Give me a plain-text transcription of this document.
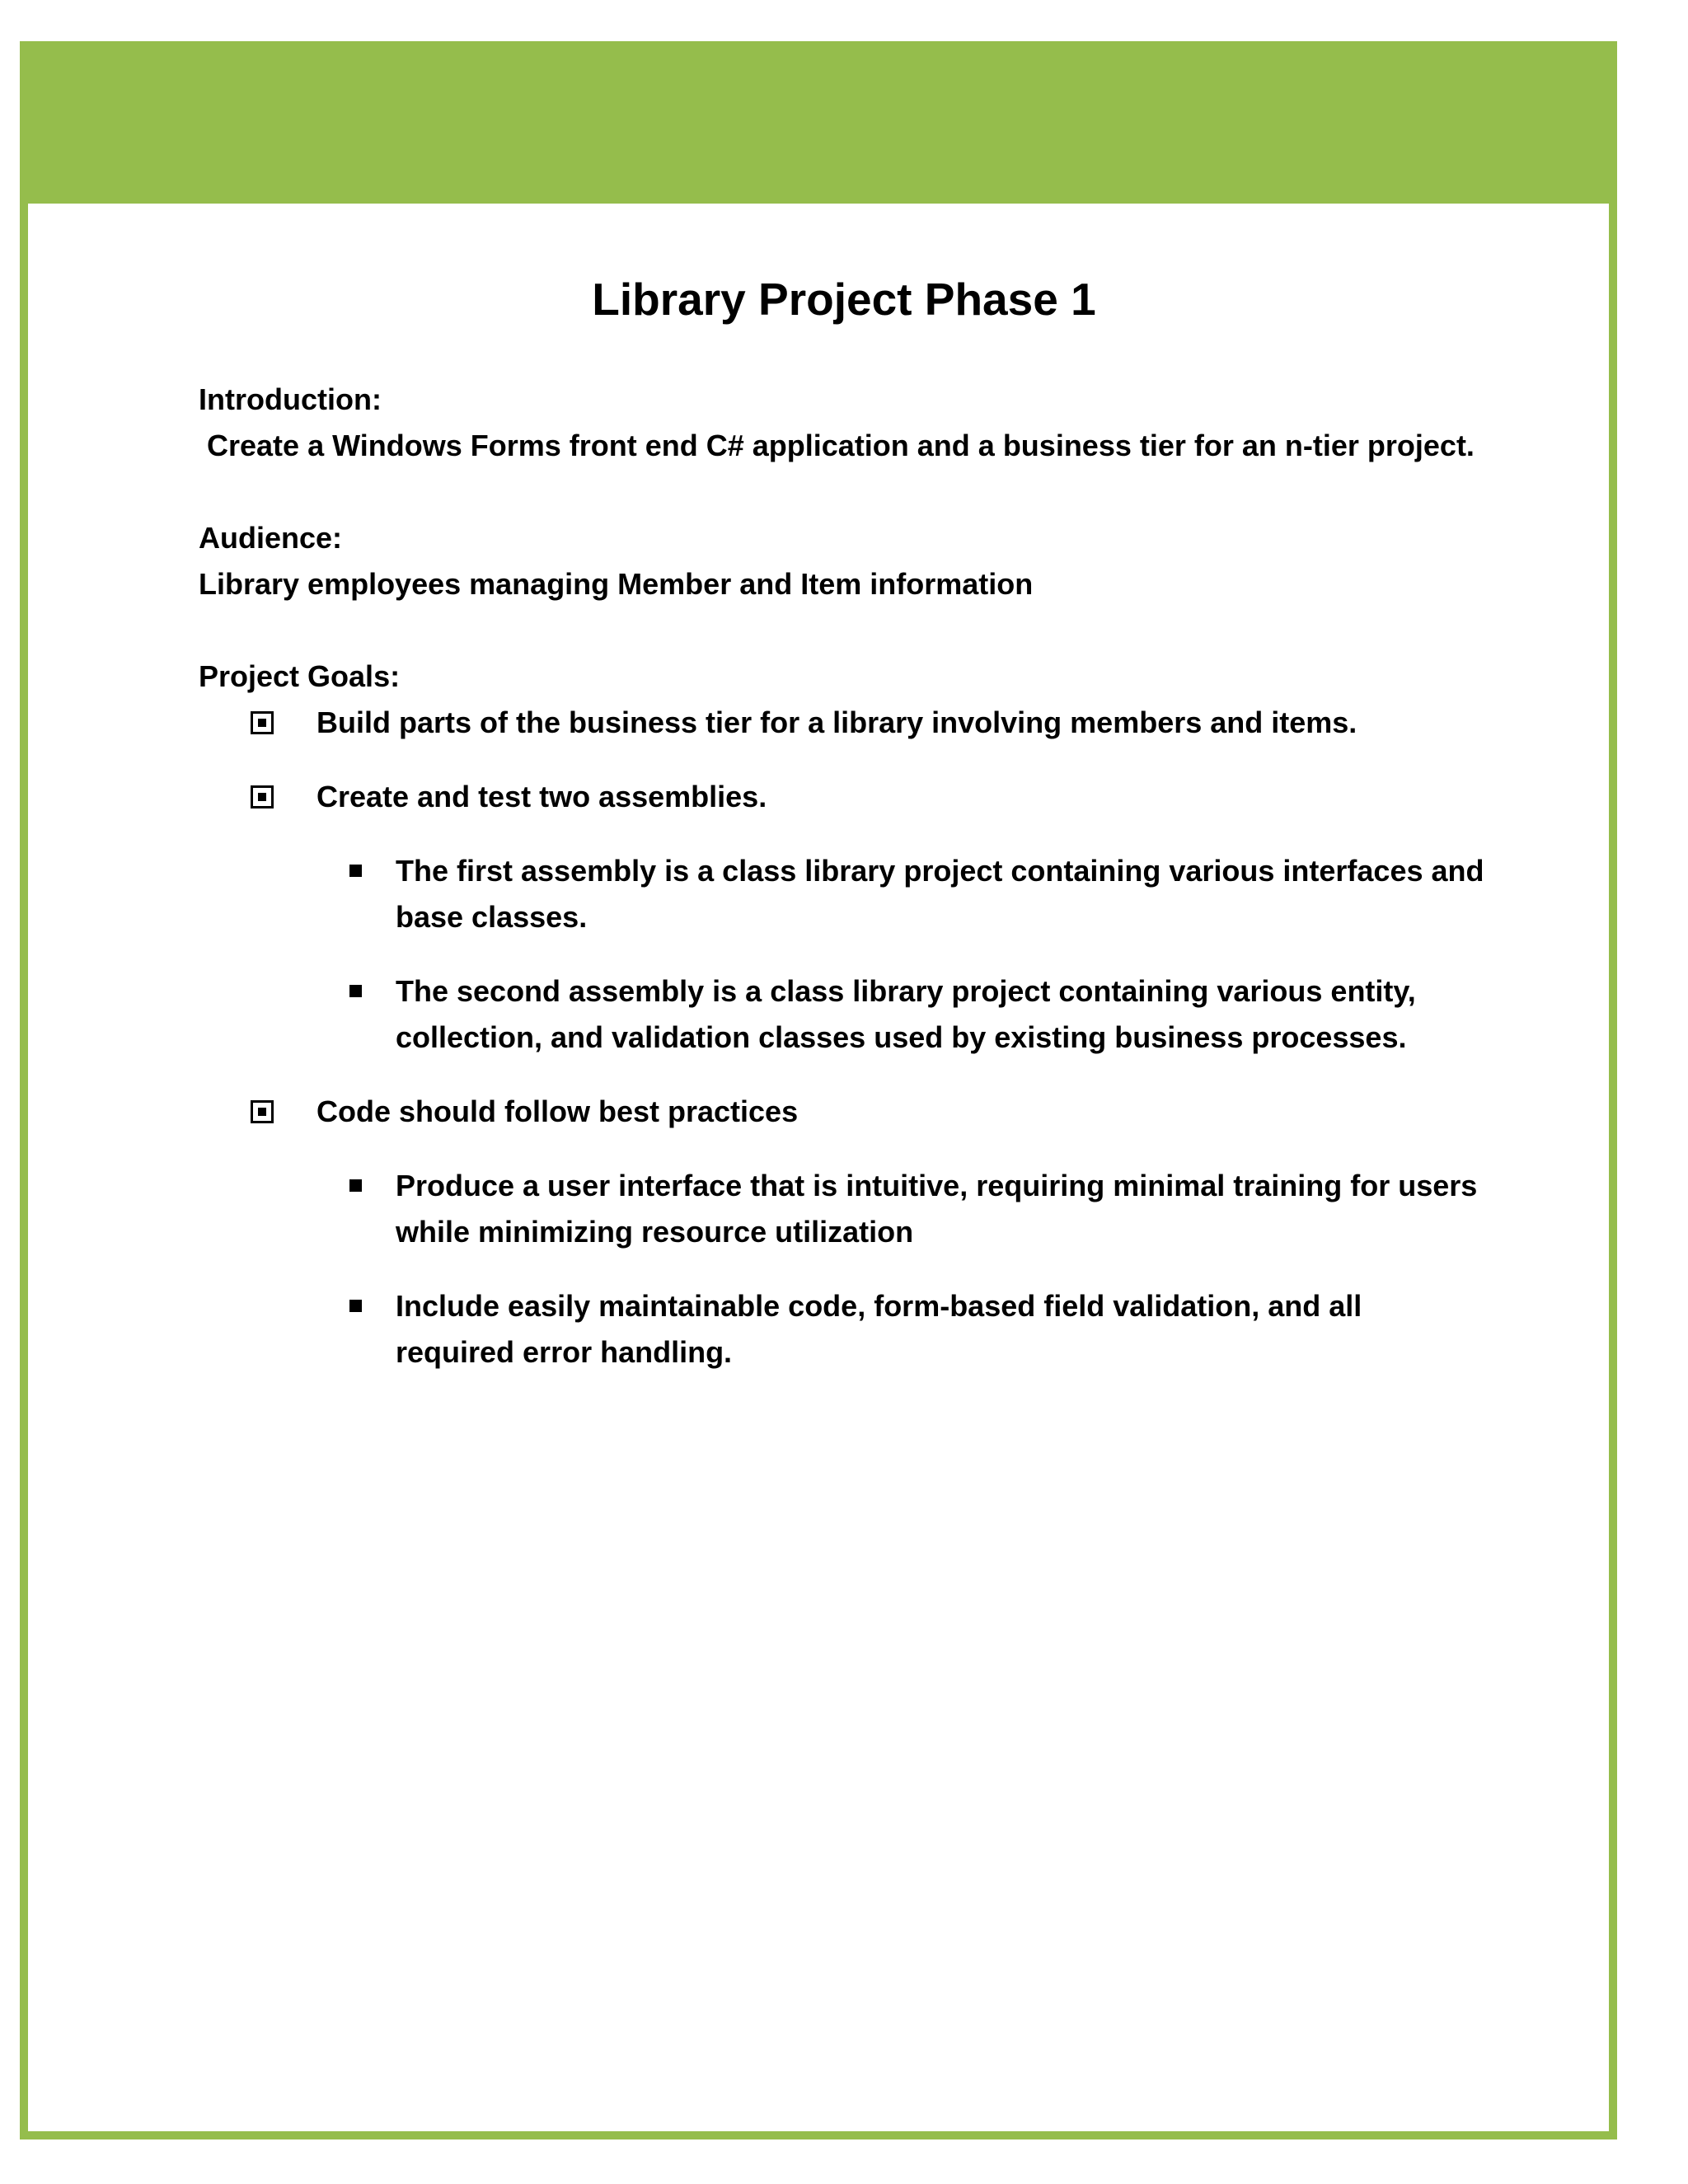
Library Project Phase 1
Introduction:
Create a Windows Forms front end C# application and a business tier for an n-tier project.
Audience:
Library employees managing Member and Item information
Project Goals:
Build parts of the business tier for a library involving members and items.
Create and test two assemblies.
The first assembly is a class library project containing various interfaces and base classes.
The second assembly is a class library project containing various entity, collection, and validation classes used by existing business processes.
Code should follow best practices
Produce a user interface that is intuitive, requiring minimal training for users while minimizing resource utilization
Include easily maintainable code, form-based field validation, and all required error handling.
